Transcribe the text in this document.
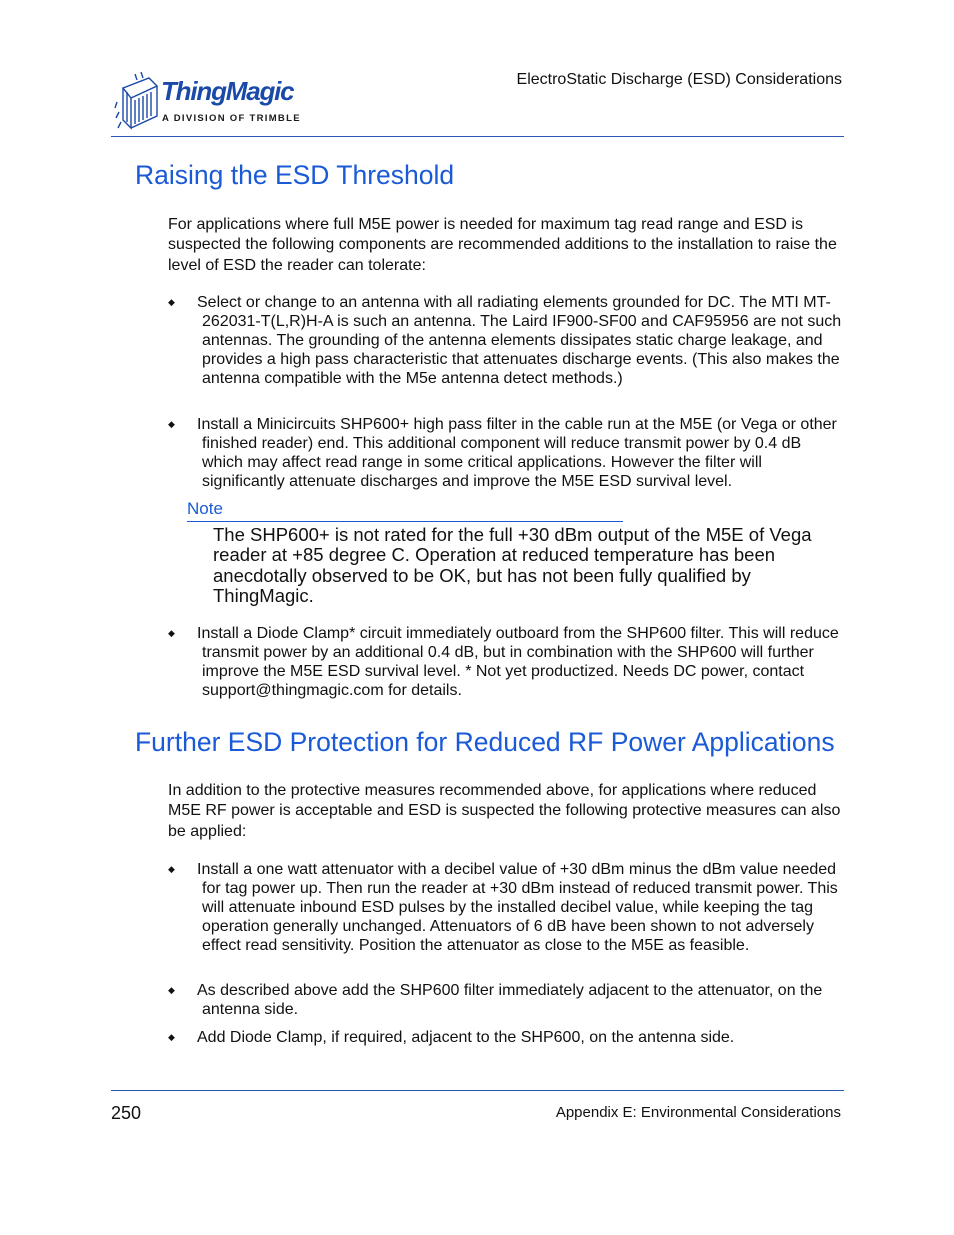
ThingMagic
A DIVISION OF TRIMBLE
ElectroStatic Discharge (ESD) Considerations
Raising the ESD Threshold

For applications where full M5E power is needed for maximum tag read range and ESD is suspected the following components are recommended additions to the installation to raise the level of ESD the reader can tolerate:

◆	Select or change to an antenna with all radiating elements grounded for DC. The MTI MT-262031-T(L,R)H-A is such an antenna. The Laird IF900-SF00 and CAF95956 are not such antennas. The grounding of the antenna elements dissipates static charge leakage, and provides a high pass characteristic that attenuates discharge events. (This also makes the antenna compatible with the M5e antenna detect methods.)
◆	Install a Minicircuits SHP600+ high pass filter in the cable run at the M5E (or Vega or other finished reader) end. This additional component will reduce transmit power by 0.4 dB which may affect read range in some critical applications. However the filter will significantly attenuate discharges and improve the M5E ESD survival level.
Note

The SHP600+ is not rated for the full +30 dBm output of the M5E of Vega reader at +85 degree C. Operation at reduced temperature has been anecdotally observed to be OK, but has not been fully qualified by ThingMagic.

◆	Install a Diode Clamp* circuit immediately outboard from the SHP600 filter. This will reduce transmit power by an additional 0.4 dB, but in combination with the SHP600 will further improve the M5E ESD survival level. * Not yet productized. Needs DC power, contact support@thingmagic.com for details.
Further ESD Protection for Reduced RF Power Applications

In addition to the protective measures recommended above, for applications where reduced M5E RF power is acceptable and ESD is suspected the following protective measures can also be applied:

◆	Install a one watt attenuator with a decibel value of +30 dBm minus the dBm value needed for tag power up. Then run the reader at +30 dBm instead of reduced transmit power. This will attenuate inbound ESD pulses by the installed decibel value, while keeping the tag operation generally unchanged. Attenuators of 6 dB have been shown to not adversely effect read sensitivity. Position the attenuator as close to the M5E as feasible.
◆	As described above add the SHP600 filter immediately adjacent to the attenuator, on the antenna side.
◆	Add Diode Clamp, if required, adjacent to the SHP600, on the antenna side.
250	Appendix E: Environmental Considerations
